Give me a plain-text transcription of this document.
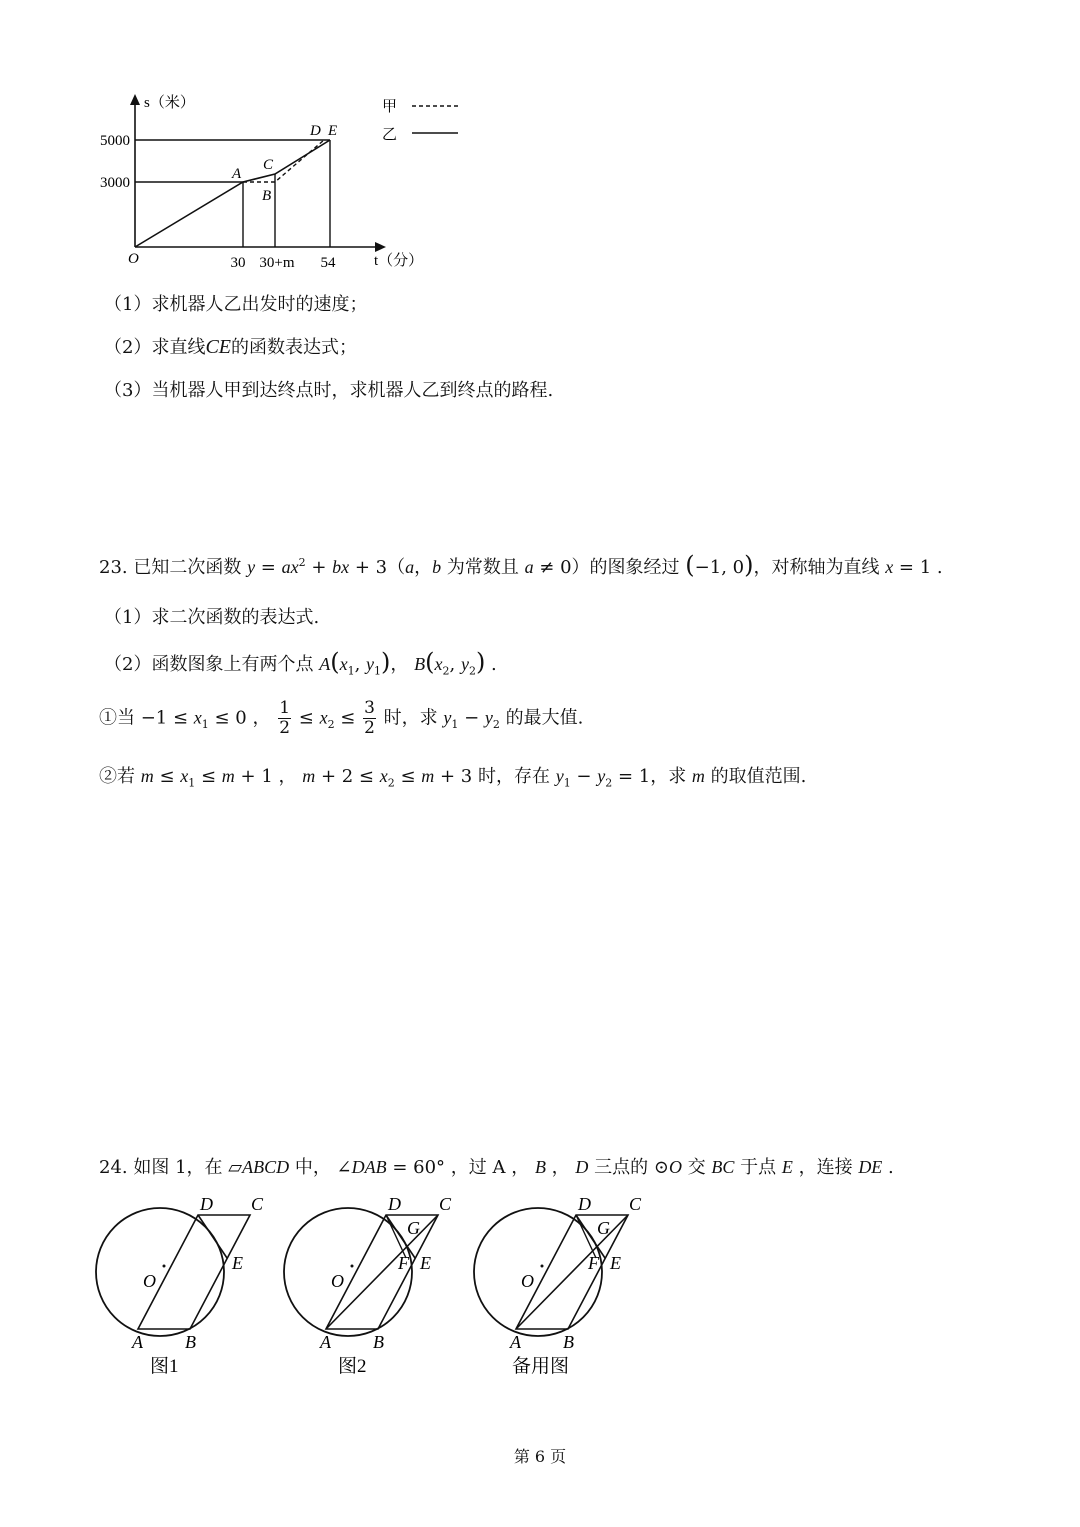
5000
3000
30 30+m 54
O
s（米）
t（分）
A
B
C
D E
甲
乙
（1）求机器人乙出发时的速度；
（2）求直线CE的函数表达式；
（3）当机器人甲到达终点时，求机器人乙到终点的路程.
23. 已知二次函数 $y = ax^2$ + bx + 3（a，b 为常数且 a ≠ 0）的图象经过 (−1, 0)，对称轴为直线 x = 1 .
（1）求二次函数的表达式.
（2）函数图象上有两个点 $A(x_1$, $y_1$)， $B(x_2$, $y_2$) .
①当 $-1 \le x_1 \le 0$ ， $\frac{1}{2} \le x_2 \le \frac{3}{2}$ 时，求 $y_1 - y_2$ 的最大值.
②若 $m \le x_1 \le m + 1$ ， $m + 2 \le x_2 \le m + 3$ 时，存在 $y_1 - y_2 = 1$，求 m 的取值范围.
24. 如图 1，在 ▱ABCD 中， ∠DAB = 60° ，过 A ， B ， D 三点的 ⊙O 交 BC 于点 E ，连接 DE .
A B
C
D
E
O
图1
A B
C
D
E
F
G
O
图2
A B
C
D
E
F
G
O
备用图
第 6 页
